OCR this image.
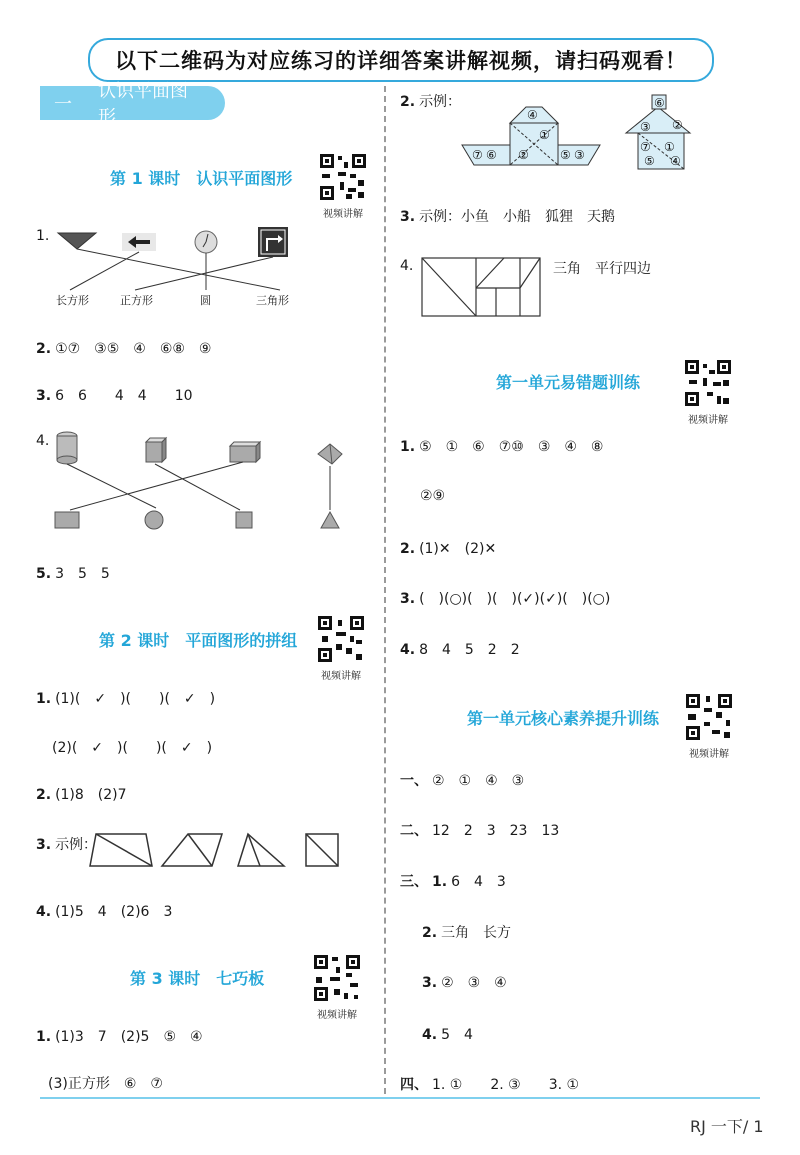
以下二维码为对应练习的详细答案讲解视频，请扫码观看！
一
认识平面图形
视频讲解
视频讲解
视频讲解
视频讲解
视频讲解
第 1 课时　认识平面图形
1.
长方形	正方形	圆	三角形
2. ①⑦　③⑤　④　⑥⑧　⑨
3. 6　6　　4　4　　10
4.
5. 3　5　5
第 2 课时　平面图形的拼组
1. (1)(　✓　)(　　)(　✓　)
(2)(　✓　)(　　)(　✓　)
2. (1)8　(2)7
3. 示例：
4. (1)5　4　(2)6　3
第 3 课时　七巧板
1. (1)3　7　(2)5　⑤　④
(3)正方形　⑥　⑦
2. 示例：
④
①
⑦ ⑥ ②	⑤ ③
⑥
③ ②
⑦
⑤
①
④
3. 示例：小鱼　小船　狐狸　天鹅
4.	三角　平行四边
第一单元易错题训练
1. ⑤　①　⑥　⑦⑩　③　④　⑧
②⑨
2. (1)✕　(2)✕
3. (　)(○)(　)(　)(✓)(✓)(　)(○)
4. 8　4　5　2　2
第一单元核心素养提升训练
一、 ②　①　④　③
二、 12　2　3　23　13
三、 1. 6　4　3
2. 三角　长方
3. ②　③　④
4. 5　4
四、 1. ①　　2. ③　　3. ①
RJ 一下/ 1
